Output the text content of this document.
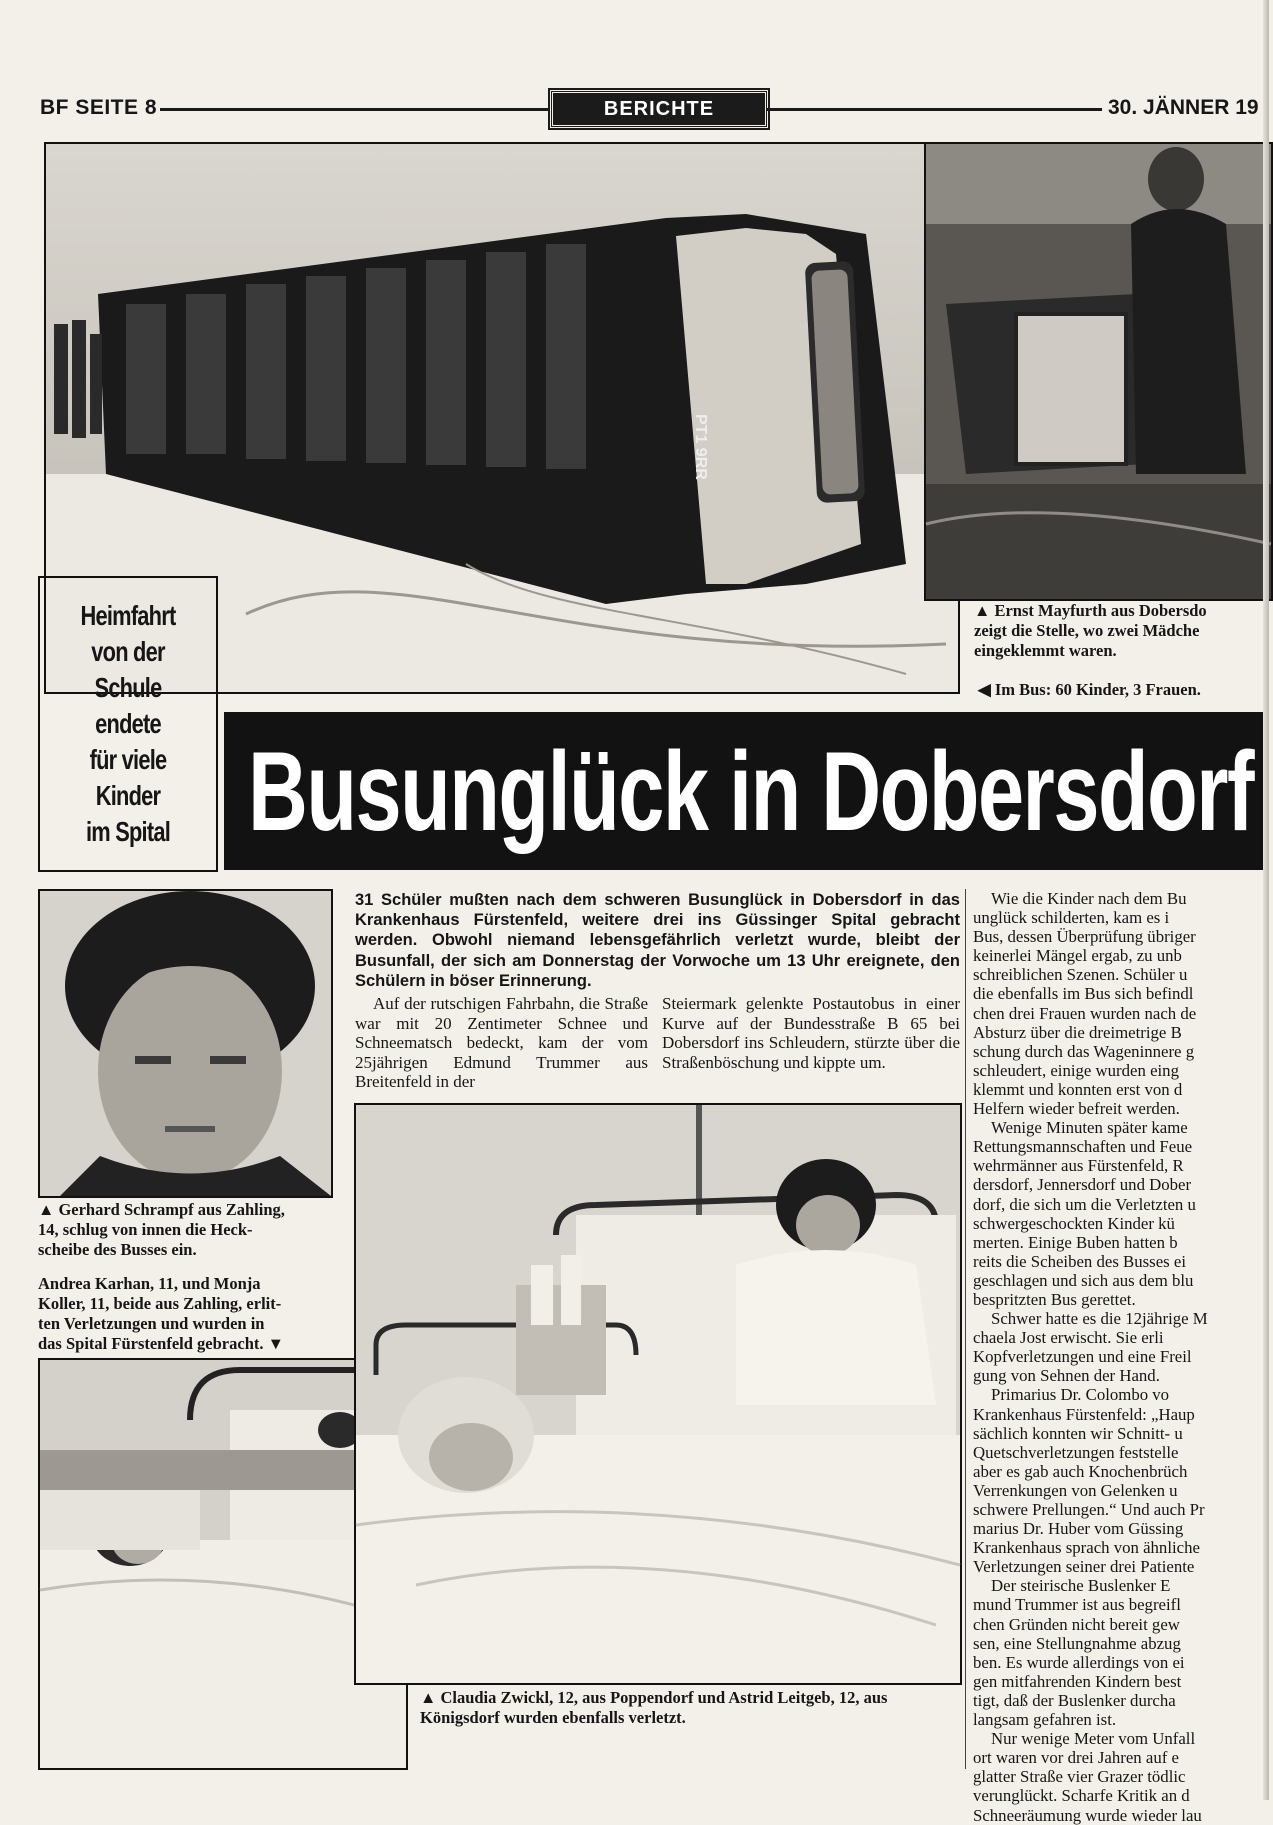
BF SEITE 8	BERICHTE	30. JÄNNER 19
PT1 9RR
▲ Ernst Mayfurth aus Dobersdo
zeigt die Stelle, wo zwei Mädche
eingeklemmt waren.
◀ Im Bus: 60 Kinder, 3 Frauen.
Heimfahrt
von der
Schule
endete
für viele
Kinder
im Spital Busunglück in Dobersdorf
▲ Gerhard Schrampf aus Zahling,
14, schlug von innen die Heck-
scheibe des Busses ein.
Andrea Karhan, 11, und Monja
Koller, 11, beide aus Zahling, erlit-
ten Verletzungen und wurden in
das Spital Fürstenfeld gebracht. ▼
▲ Claudia Zwickl, 12, aus Poppendorf und Astrid Leitgeb, 12, aus
Königsdorf wurden ebenfalls verletzt.
31 Schüler mußten nach dem schweren Busunglück in Dobersdorf in das Krankenhaus Fürstenfeld, weitere drei ins Güssinger Spital gebracht werden. Obwohl niemand lebensgefährlich verletzt wurde, bleibt der Busunfall, der sich am Donnerstag der Vorwoche um 13 Uhr ereignete, den Schülern in böser Erinnerung.
Auf der rutschigen Fahrbahn, die Straße war mit 20 Zentimeter Schnee und Schneematsch bedeckt, kam der vom 25jährigen Edmund Trummer aus Breitenfeld in der
Steiermark gelenkte Postautobus in einer Kurve auf der Bundesstraße B 65 bei Dobersdorf ins Schleudern, stürzte über die Straßenböschung und kippte um.

Wie die Kinder nach dem Bu

unglück schilderten, kam es i

Bus, dessen Überprüfung übriger

keinerlei Mängel ergab, zu unb

schreiblichen Szenen. Schüler u

die ebenfalls im Bus sich befindl

chen drei Frauen wurden nach de

Absturz über die dreimetrige B

schung durch das Wageninnere g

schleudert, einige wurden eing

klemmt und konnten erst von d

Helfern wieder befreit werden.

Wenige Minuten später kame

Rettungsmannschaften und Feue

wehrmänner aus Fürstenfeld, R

dersdorf, Jennersdorf und Dober

dorf, die sich um die Verletzten u

schwergeschockten Kinder kü

merten. Einige Buben hatten b

reits die Scheiben des Busses ei

geschlagen und sich aus dem blu

bespritzten Bus gerettet.

Schwer hatte es die 12jährige M

chaela Jost erwischt. Sie erli

Kopfverletzungen und eine Freil

gung von Sehnen der Hand.

Primarius Dr. Colombo vo

Krankenhaus Fürstenfeld: „Haup

sächlich konnten wir Schnitt- u

Quetschverletzungen feststelle

aber es gab auch Knochenbrüch

Verrenkungen von Gelenken u

schwere Prellungen.“ Und auch Pr

marius Dr. Huber vom Güssing

Krankenhaus sprach von ähnliche

Verletzungen seiner drei Patiente

Der steirische Buslenker E

mund Trummer ist aus begreifl

chen Gründen nicht bereit gew

sen, eine Stellungnahme abzug

ben. Es wurde allerdings von ei

gen mitfahrenden Kindern best

tigt, daß der Buslenker durcha

langsam gefahren ist.

Nur wenige Meter vom Unfall

ort waren vor drei Jahren auf e

glatter Straße vier Grazer tödlic

verunglückt. Scharfe Kritik an d

Schneeräumung wurde wieder lau
